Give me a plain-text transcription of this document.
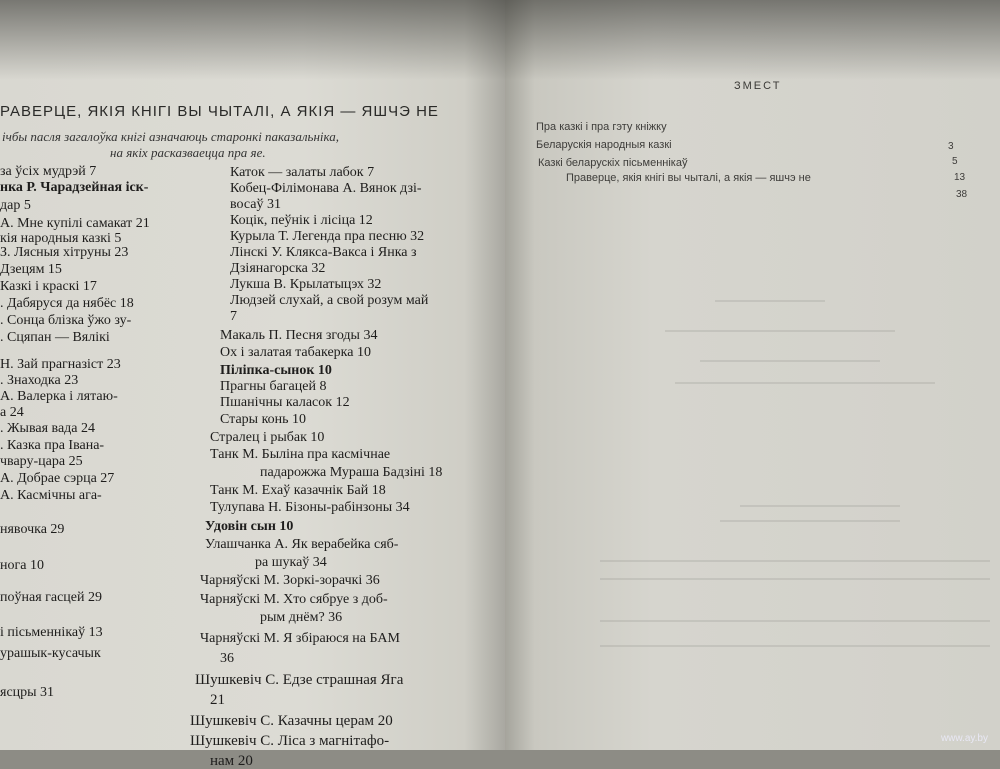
РАВЕРЦЕ, ЯКІЯ КНІГІ ВЫ ЧЫТАЛІ, А ЯКІЯ — ЯШЧЭ НЕ
ічбы пасля загалоўка кнігі азначаюць старонкі паказальніка,
на якіх расказваецца пра яе.
за ўсіх мудрэй 7
нка Р. Чарадзейная іск-
дар 5
А. Мне купілі самакат 21
кія народныя казкі 5
З. Лясныя хітруны 23
Дзецям 15
Казкі і краскі 17
. Дабяруся да нябёс 18
. Сонца блізка ўжо зу-
. Сцяпан — Вялікі
Н. Зай прагназіст 23
. Знаходка 23
А. Валерка і лятаю-
а 24
. Жывая вада 24
. Казка пра Івана-
чвару-цара 25
А. Добрае сэрца 27
А. Касмічны ага-
нявочка 29
нога 10
поўная гасцей 29
і пісьменнікаў 13
урашык-кусачык
ясцры 31
Каток — залаты лабок 7
Кобец-Філімонава А. Вянок дзі-
восаў 31
Коцік, пеўнік і лісіца 12
Курыла Т. Легенда пра песню 32
Лінскі У. Клякса-Вакса і Янка з
Дзіянагорска 32
Лукша В. Крылатыцэх 32
Людзей слухай, а свой розум май
7
Макаль П. Песня згоды 34
Ох і залатая табакерка 10
Пілiпка-сынок 10
Прагны багацей 8
Пшанічны каласок 12
Стары конь 10
Стралец і рыбак 10
Танк М. Быліна пра касмічнае
падарожжа Мураша Бадзіні 18
Танк М. Ехаў казачнік Бай 18
Тулупава Н. Бізоны-рабінзоны 34
Удовін сын 10
Улашчанка А. Як верабейка сяб-
ра шукаў 34
Чарняўскі М. Зоркі-зорачкі 36
Чарняўскі М. Хто сябруе з доб-
рым днём? 36
Чарняўскі М. Я збіраюся на БАМ
36
Шушкевіч С. Едзе страшная Яга
21
Шушкевіч С. Казачны церам 20
Шушкевіч С. Ліса з магнітафо-
нам 20
ЗМЕСТ
Пра казкі і пра гэту кніжку
Беларускія народныя казкі
Казкі беларускіх пісьменнікаў
Праверце, якія кнігі вы чыталі, а якія — яшчэ не
3
5
13
38
www.ay.by
